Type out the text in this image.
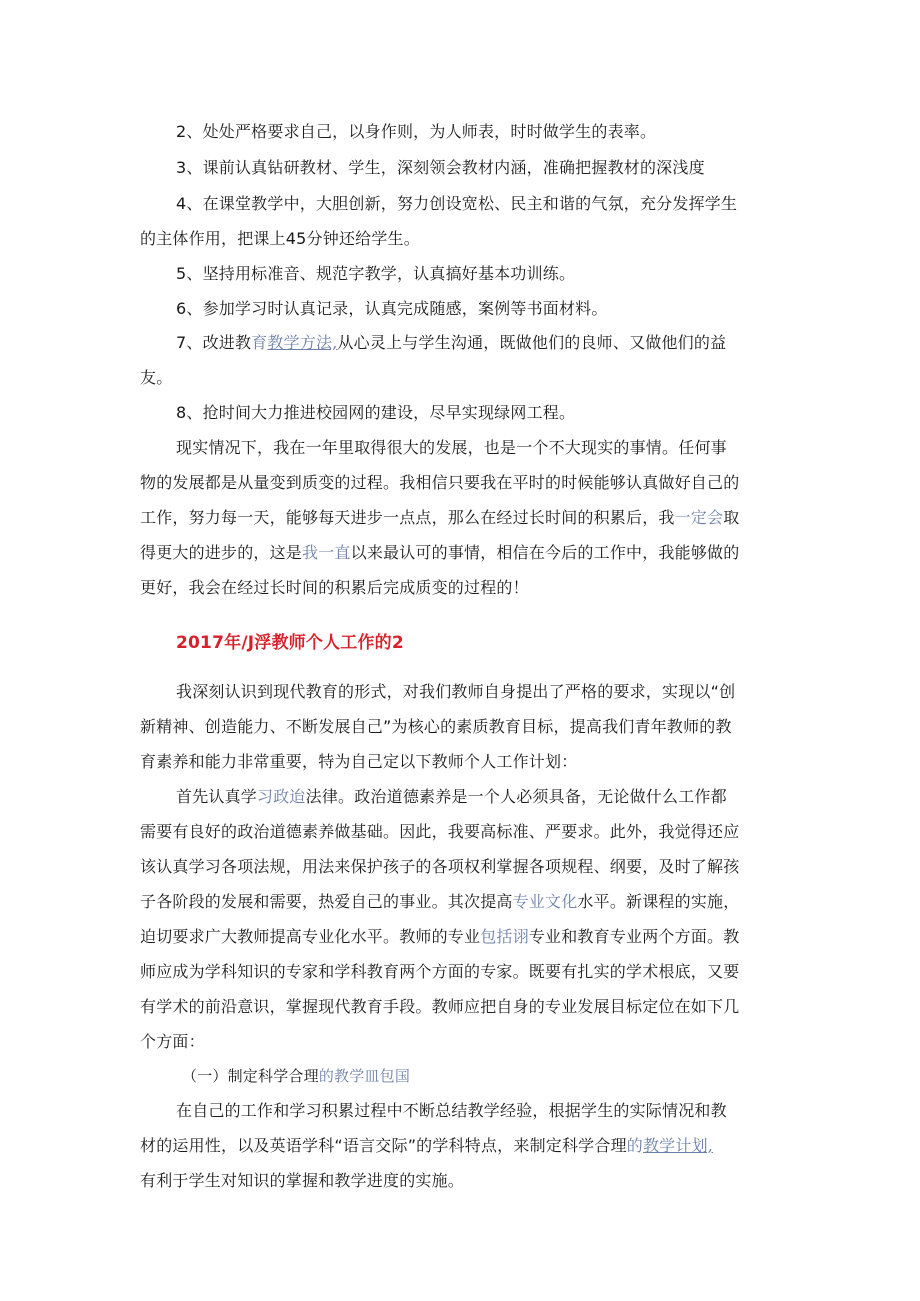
2、处处严格要求自己，以身作则，为人师表，时时做学生的表率。
3、课前认真钻研教材、学生，深刻领会教材内涵，准确把握教材的深浅度
4、在课堂教学中，大胆创新，努力创设宽松、民主和谐的气氛，充分发挥学生
的主体作用，把课上45分钟还给学生。
5、坚持用标准音、规范字教学，认真搞好基本功训练。
6、参加学习时认真记录，认真完成随感，案例等书面材料。
7、改进教育教学方法,从心灵上与学生沟通，既做他们的良师、又做他们的益
友。
8、抢时间大力推进校园网的建设，尽早实现绿网工程。
现实情况下，我在一年里取得很大的发展，也是一个不大现实的事情。任何事
物的发展都是从量变到质变的过程。我相信只要我在平时的时候能够认真做好自己的
工作，努力每一天，能够每天进步一点点，那么在经过长时间的积累后，我一定会取
得更大的进步的，这是我一直以来最认可的事情，相信在今后的工作中，我能够做的
更好，我会在经过长时间的积累后完成质变的过程的！
2017年/J浮教师个人工作的2
我深刻认识到现代教育的形式，对我们教师自身提出了严格的要求，实现以“创
新精神、创造能力、不断发展自己”为核心的素质教育目标，提高我们青年教师的教
育素养和能力非常重要，特为自己定以下教师个人工作计划：
首先认真学习政迨法律。政治道德素养是一个人必须具备，无论做什么工作都
需要有良好的政治道德素养做基础。因此，我要高标准、严要求。此外，我觉得还应
该认真学习各项法规，用法来保护孩子的各项权利掌握各项规程、纲要，及时了解孩
子各阶段的发展和需要，热爱自己的事业。其次提高专业文化水平。新课程的实施，
迫切要求广大教师提高专业化水平。教师的专业包括诩专业和教育专业两个方面。教
师应成为学科知识的专家和学科教育两个方面的专家。既要有扎实的学术根底，又要
有学术的前沿意识，掌握现代教育手段。教师应把自身的专业发展目标定位在如下几
个方面：
（一）制定科学合理的教学皿包国
在自己的工作和学习积累过程中不断总结教学经验，根据学生的实际情况和教
材的运用性，以及英语学科“语言交际”的学科特点，来制定科学合理的教学计划,
有利于学生对知识的掌握和教学进度的实施。
